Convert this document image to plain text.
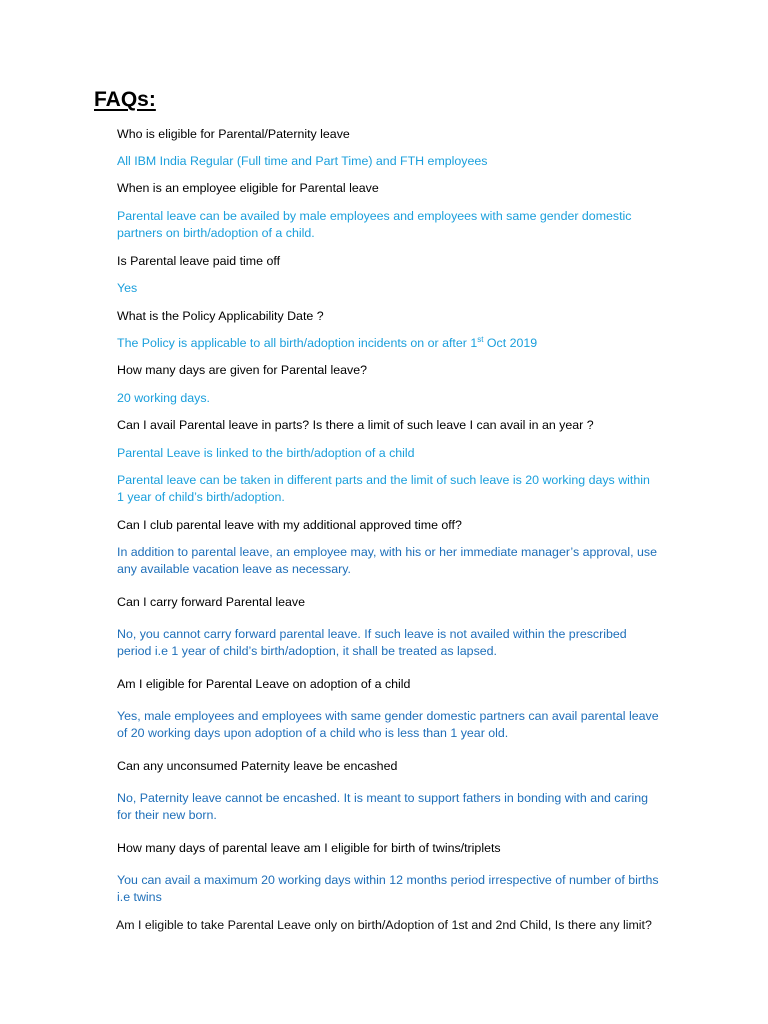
FAQs:
Who is eligible for Parental/Paternity leave
All IBM India Regular (Full time and Part Time) and FTH employees
When is an employee eligible for Parental leave
Parental leave can be availed by male employees and employees with same gender domestic partners on birth/adoption of a child.
Is Parental leave paid time off
Yes
What is the Policy Applicability Date ?
The Policy is applicable to all birth/adoption incidents on or after 1st Oct 2019
How many days are given for Parental leave?
20 working days.
Can I avail Parental leave in parts? Is there a limit of such leave I can avail in an year ?
Parental Leave is linked to the birth/adoption of a child
Parental leave can be taken in different parts and the limit of such leave is 20 working days within 1 year of child’s birth/adoption.
Can I club parental leave with my additional approved time off?
In addition to parental leave, an employee may, with his or her immediate manager’s approval, use any available vacation leave as necessary.
Can I carry forward Parental leave
No, you cannot carry forward parental leave. If such leave is not availed within the prescribed period i.e 1 year of child’s birth/adoption, it shall be treated as lapsed.
Am I eligible for Parental Leave on adoption of a child
Yes, male employees and employees with same gender domestic partners can avail parental leave of 20 working days upon adoption of a child who is less than 1 year old.
Can any unconsumed Paternity leave be encashed
No, Paternity leave cannot be encashed. It is meant to support fathers in bonding with and caring for their new born.
How many days of parental leave am I eligible for birth of twins/triplets
You can avail a maximum 20 working days within 12 months period irrespective of number of births i.e twins
Am I eligible to take Parental Leave only on birth/Adoption of 1st and 2nd Child, Is there any limit?
